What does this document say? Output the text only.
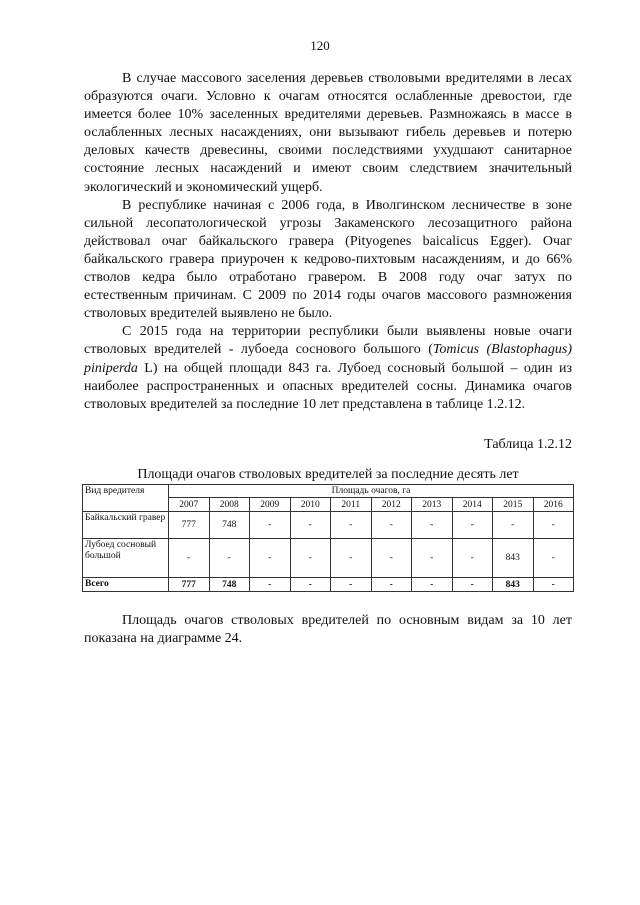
120

В случае массового заселения деревьев стволовыми вредителями в лесах образуются очаги. Условно к очагам относятся ослабленные древостои, где имеется более 10% заселенных вредителями деревьев. Размножаясь в массе в ослабленных лесных насаждениях, они вызывают гибель деревьев и потерю деловых качеств древесины, своими последствиями ухудшают санитарное состояние лесных насаждений и имеют своим следствием значительный экологический и экономический ущерб.

В республике начиная с 2006 года, в Иволгинском лесничестве в зоне сильной лесопатологической угрозы Закаменского лесозащитного района действовал очаг байкальского гравера (Pityogenes baicalicus Egger). Очаг байкальского гравера приурочен к кедрово-пихтовым насаждениям, и до 66% стволов кедра было отработано гравером. В 2008 году очаг затух по естественным причинам. С 2009 по 2014 годы очагов массового размножения стволовых вредителей выявлено не было.

С 2015 года на территории республики были выявлены новые очаги стволовых вредителей - лубоеда соснового большого (Tomicus (Blastophagus) piniperda L) на общей площади 843 га. Лубоед сосновый большой – один из наиболее распространенных и опасных вредителей сосны. Динамика очагов стволовых вредителей за последние 10 лет представлена в таблице 1.2.12.

Таблица 1.2.12
Площади очагов стволовых вредителей за последние десять лет
Вид вредителя	Площадь очагов, га									
	2007	2008	2009	2010	2011	2012	2013	2014	2015	2016
Байкальский гравер	777	748	-	-	-	-	-	-	-	-
Лубоед сосновый большой	-	-	-	-	-	-	-	-	843	-
Всего	777	748	-	-	-	-	-	-	843	-

Площадь очагов стволовых вредителей по основным видам за 10 лет показана на диаграмме 24.
